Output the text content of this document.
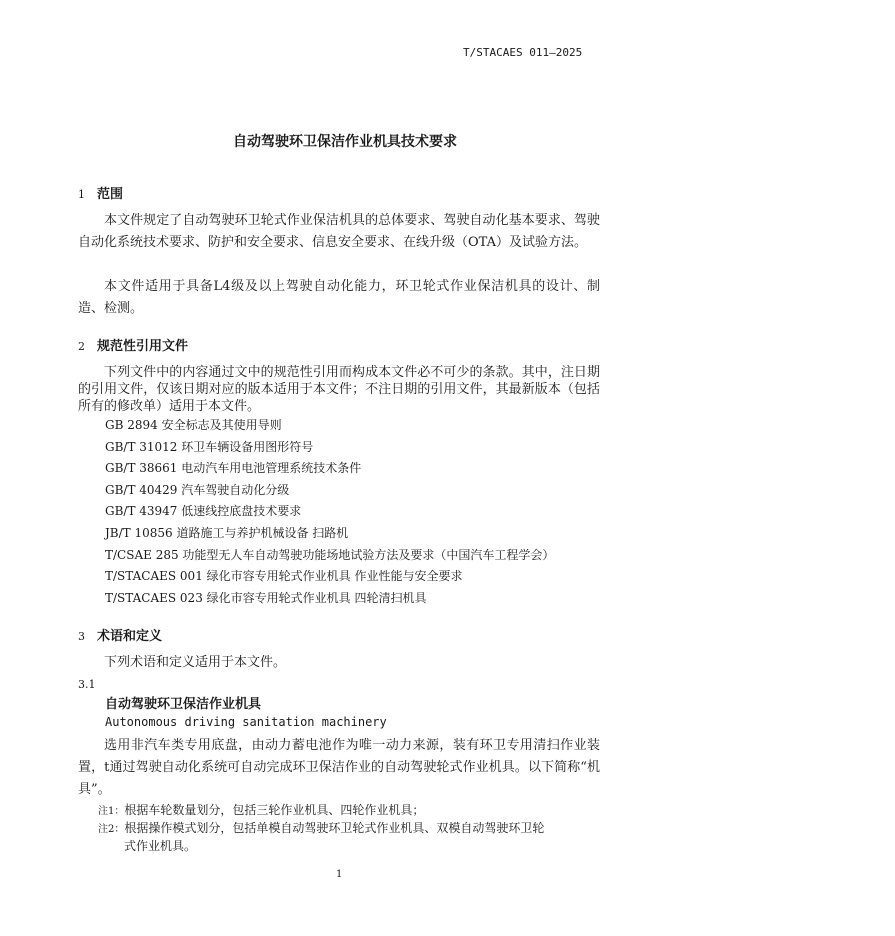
T/STACAES 011—2025
自动驾驶环卫保洁作业机具技术要求
1 范围
本文件规定了自动驾驶环卫轮式作业保洁机具的总体要求、驾驶自动化基本要求、驾驶自动化系统技术要求、防护和安全要求、信息安全要求、在线升级（OTA）及试验方法。
本文件适用于具备L4级及以上驾驶自动化能力，环卫轮式作业保洁机具的设计、制造、检测。
2 规范性引用文件
下列文件中的内容通过文中的规范性引用而构成本文件必不可少的条款。其中，注日期的引用文件，仅该日期对应的版本适用于本文件；不注日期的引用文件，其最新版本（包括所有的修改单）适用于本文件。
GB 2894 安全标志及其使用导则
GB/T 31012 环卫车辆设备用图形符号
GB/T 38661 电动汽车用电池管理系统技术条件
GB/T 40429 汽车驾驶自动化分级
GB/T 43947 低速线控底盘技术要求
JB/T 10856 道路施工与养护机械设备 扫路机
T/CSAE 285 功能型无人车自动驾驶功能场地试验方法及要求（中国汽车工程学会）
T/STACAES 001 绿化市容专用轮式作业机具 作业性能与安全要求
T/STACAES 023 绿化市容专用轮式作业机具 四轮清扫机具
3 术语和定义
下列术语和定义适用于本文件。
3.1
自动驾驶环卫保洁作业机具
Autonomous driving sanitation machinery
选用非汽车类专用底盘，由动力蓄电池作为唯一动力来源，装有环卫专用清扫作业装置，t通过驾驶自动化系统可自动完成环卫保洁作业的自动驾驶轮式作业机具。以下简称“机具”。
注1：根据车轮数量划分，包括三轮作业机具、四轮作业机具；
注2：根据操作模式划分，包括单模自动驾驶环卫轮式作业机具、双模自动驾驶环卫轮
式作业机具。
1
